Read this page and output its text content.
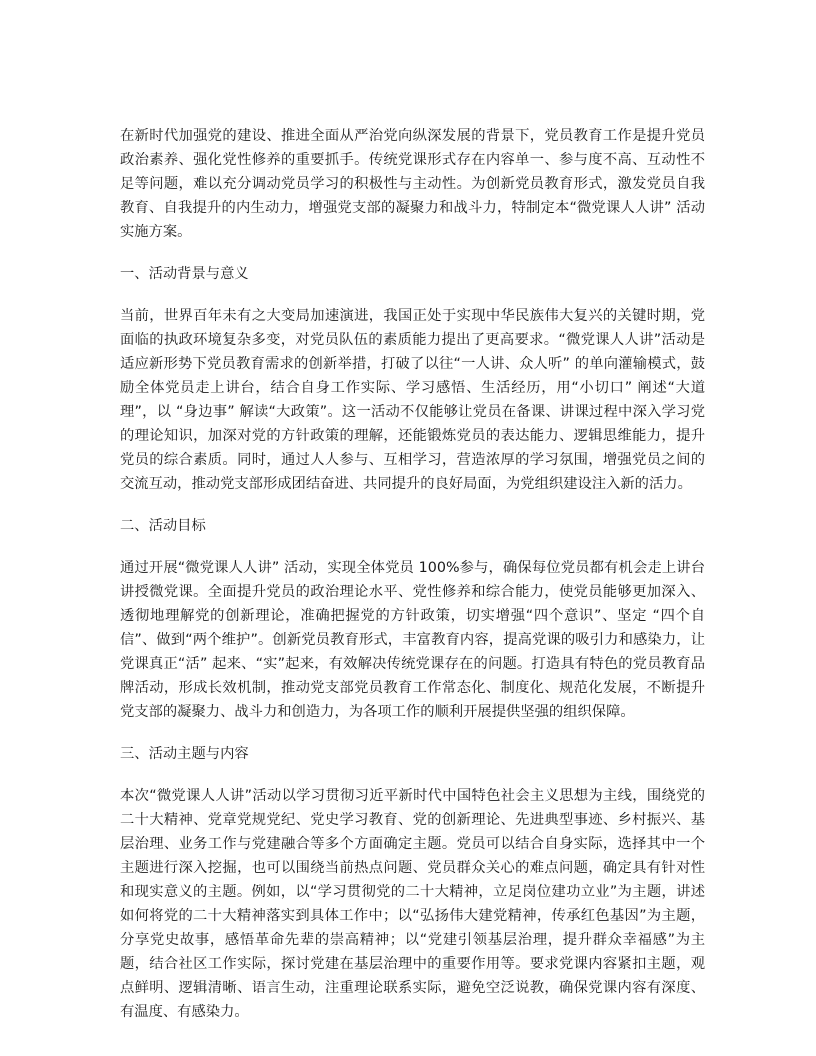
在新时代加强党的建设、推进全面从严治党向纵深发展的背景下，党员教育工作是提升党员政治素养、强化党性修养的重要抓手。传统党课形式存在内容单一、参与度不高、互动性不足等问题，难以充分调动党员学习的积极性与主动性。为创新党员教育形式，激发党员自我教育、自我提升的内生动力，增强党支部的凝聚力和战斗力，特制定本“微党课人人讲” 活动实施方案。

一、活动背景与意义

当前，世界百年未有之大变局加速演进，我国正处于实现中华民族伟大复兴的关键时期，党面临的执政环境复杂多变，对党员队伍的素质能力提出了更高要求。“微党课人人讲”活动是适应新形势下党员教育需求的创新举措，打破了以往“一人讲、众人听” 的单向灌输模式，鼓励全体党员走上讲台，结合自身工作实际、学习感悟、生活经历，用“小切口” 阐述“大道理”，以 “身边事” 解读“大政策”。这一活动不仅能够让党员在备课、讲课过程中深入学习党的理论知识，加深对党的方针政策的理解，还能锻炼党员的表达能力、逻辑思维能力，提升党员的综合素质。同时，通过人人参与、互相学习，营造浓厚的学习氛围，增强党员之间的交流互动，推动党支部形成团结奋进、共同提升的良好局面，为党组织建设注入新的活力。

二、活动目标

通过开展“微党课人人讲” 活动，实现全体党员 100%参与，确保每位党员都有机会走上讲台讲授微党课。全面提升党员的政治理论水平、党性修养和综合能力，使党员能够更加深入、透彻地理解党的创新理论，准确把握党的方针政策，切实增强“四个意识”、坚定 “四个自信”、做到“两个维护”。创新党员教育形式，丰富教育内容，提高党课的吸引力和感染力，让党课真正“活” 起来、“实”起来，有效解决传统党课存在的问题。打造具有特色的党员教育品牌活动，形成长效机制，推动党支部党员教育工作常态化、制度化、规范化发展，不断提升党支部的凝聚力、战斗力和创造力，为各项工作的顺利开展提供坚强的组织保障。

三、活动主题与内容

本次“微党课人人讲”活动以学习贯彻习近平新时代中国特色社会主义思想为主线，围绕党的二十大精神、党章党规党纪、党史学习教育、党的创新理论、先进典型事迹、乡村振兴、基层治理、业务工作与党建融合等多个方面确定主题。党员可以结合自身实际，选择其中一个主题进行深入挖掘，也可以围绕当前热点问题、党员群众关心的难点问题，确定具有针对性和现实意义的主题。例如，以“学习贯彻党的二十大精神，立足岗位建功立业”为主题，讲述如何将党的二十大精神落实到具体工作中；以“弘扬伟大建党精神，传承红色基因”为主题，分享党史故事，感悟革命先辈的崇高精神；以“党建引领基层治理，提升群众幸福感”为主题，结合社区工作实际，探讨党建在基层治理中的重要作用等。要求党课内容紧扣主题，观点鲜明、逻辑清晰、语言生动，注重理论联系实际，避免空泛说教，确保党课内容有深度、有温度、有感染力。
